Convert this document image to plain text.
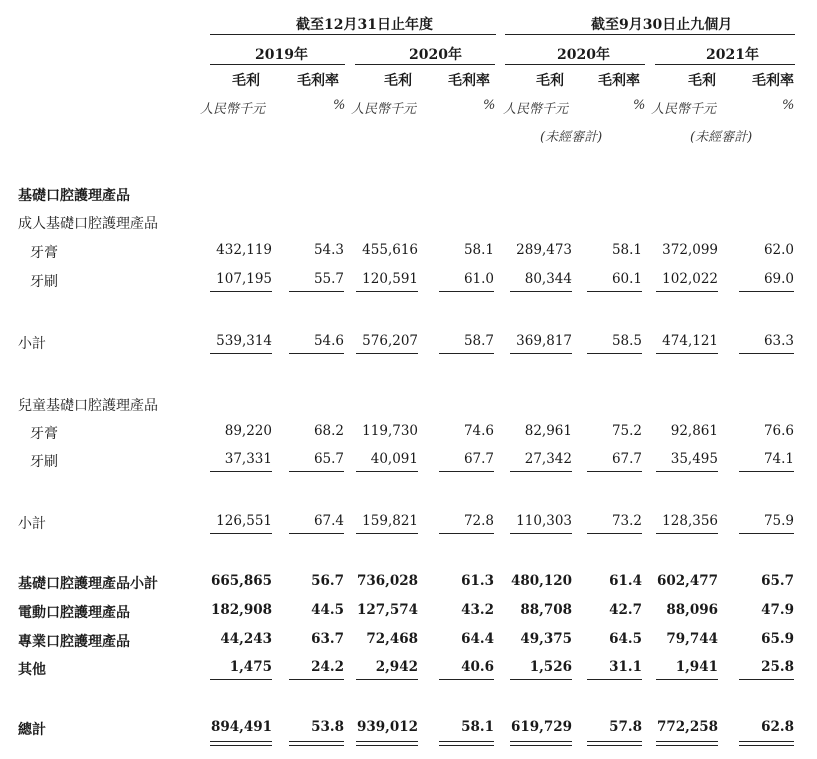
截至12月31日止年度	截至9月30日止九個月
2019年	2020年	2020年	2021年
毛利	毛利率	毛利	毛利率	毛利 毛利率	毛利	毛利率
人民幣千元	% 人民幣千元	% 人民幣千元	% 人民幣千元	%
(未經審計)	(未經審計)
基礎口腔護理產品
成人基礎口腔護理產品
兒童基礎口腔護理產品
牙膏	432,119	54.3	455,616	58.1	289,473	58.1	372,099	62.0
牙刷	107,195	55.7	120,591	61.0	80,344	60.1	102,022	69.0
小計	539,314	54.6	576,207	58.7	369,817	58.5	474,121	63.3
牙膏	89,220	68.2	119,730	74.6	82,961	75.2	92,861	76.6
牙刷	37,331	65.7	40,091	67.7	27,342	67.7	35,495	74.1
小計	126,551	67.4	159,821	72.8	110,303	73.2	128,356	75.9
基礎口腔護理產品小計	665,865	56.7 736,028	61.3	480,120	61.4	602,477	65.7
電動口腔護理產品	182,908	44.5 127,574	43.2	88,708	42.7	88,096	47.9
專業口腔護理產品	44,243	63.7	72,468	64.4	49,375	64.5	79,744	65.9
其他	1,475	24.2	2,942	40.6	1,526	31.1	1,941	25.8
總計	894,491	53.8 939,012	58.1	619,729	57.8	772,258	62.8
